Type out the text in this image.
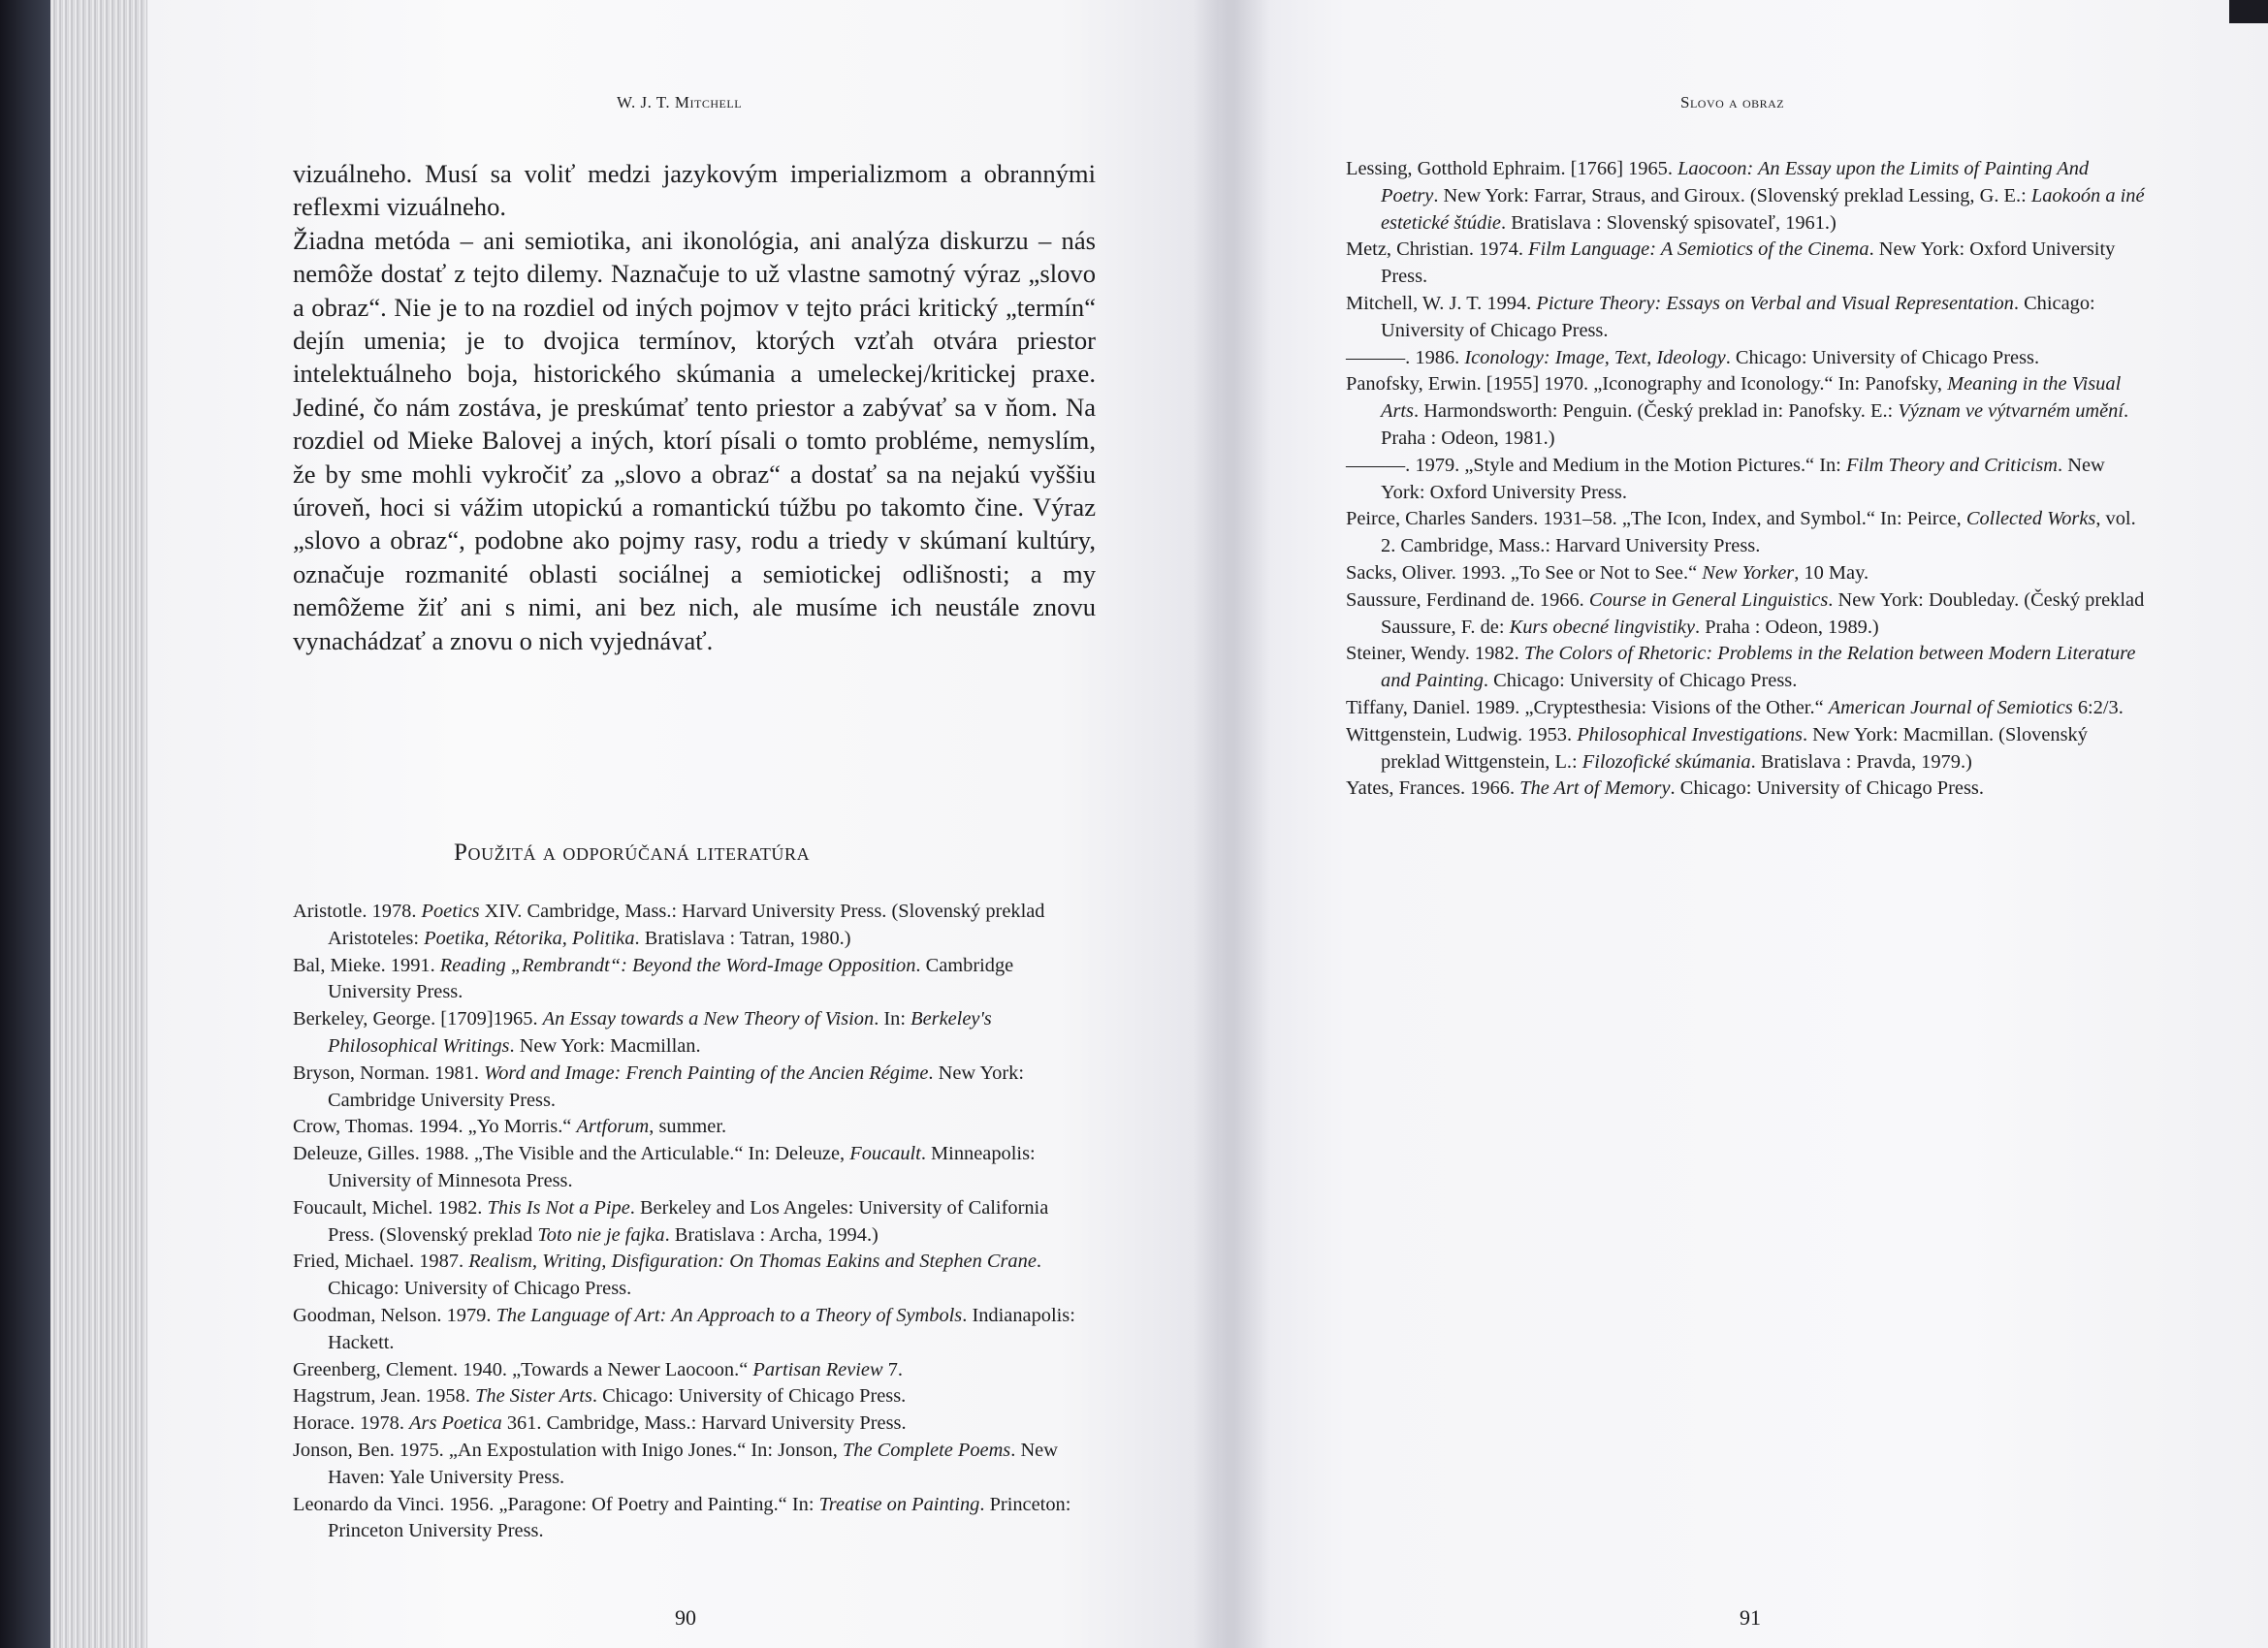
W. J. T. Mitchell	Slovo a obraz

vizuálneho. Musí sa voliť medzi jazykovým imperializmom a obrannými reflexmi vizuálneho.

Žiadna metóda – ani semiotika, ani ikonológia, ani analýza diskurzu – nás nemôže dostať z tejto dilemy. Naznačuje to už vlastne samotný výraz „slovo a obraz“. Nie je to na rozdiel od iných pojmov v tejto práci kritický „termín“ dejín umenia; je to dvojica termínov, ktorých vzťah otvára priestor intelektuálneho boja, historického skúmania a umeleckej/kritickej praxe. Jediné, čo nám zostáva, je preskúmať tento priestor a zabývať sa v ňom. Na rozdiel od Mieke Balovej a iných, ktorí písali o tomto probléme, nemyslím, že by sme mohli vykročiť za „slovo a obraz“ a dostať sa na nejakú vyššiu úroveň, hoci si vážim utopickú a romantickú túžbu po takomto čine. Výraz „slovo a obraz“, podobne ako pojmy rasy, rodu a triedy v skúmaní kultúry, označuje rozmanité oblasti sociálnej a semiotickej odlišnosti; a my nemôžeme žiť ani s nimi, ani bez nich, ale musíme ich neustále znovu vynachádzať a znovu o nich vyjednávať.

Použitá a odporúčaná literatúra

Aristotle. 1978. Poetics XIV. Cambridge, Mass.: Harvard University Press. (Slovenský preklad Aristoteles: Poetika, Rétorika, Politika. Bratislava : Tatran, 1980.)

Bal, Mieke. 1991. Reading „Rembrandt“: Beyond the Word-Image Opposition. Cambridge University Press.

Berkeley, George. [1709]1965. An Essay towards a New Theory of Vision. In: Berkeley's Philosophical Writings. New York: Macmillan.

Bryson, Norman. 1981. Word and Image: French Painting of the Ancien Régime. New York: Cambridge University Press.

Crow, Thomas. 1994. „Yo Morris.“ Artforum, summer.

Deleuze, Gilles. 1988. „The Visible and the Articulable.“ In: Deleuze, Foucault. Minneapolis: University of Minnesota Press.

Foucault, Michel. 1982. This Is Not a Pipe. Berkeley and Los Angeles: University of California Press. (Slovenský preklad Toto nie je fajka. Bratislava : Archa, 1994.)

Fried, Michael. 1987. Realism, Writing, Disfiguration: On Thomas Eakins and Stephen Crane. Chicago: University of Chicago Press.

Goodman, Nelson. 1979. The Language of Art: An Approach to a Theory of Symbols. Indianapolis: Hackett.

Greenberg, Clement. 1940. „Towards a Newer Laocoon.“ Partisan Review 7.

Hagstrum, Jean. 1958. The Sister Arts. Chicago: University of Chicago Press.

Horace. 1978. Ars Poetica 361. Cambridge, Mass.: Harvard University Press.

Jonson, Ben. 1975. „An Expostulation with Inigo Jones.“ In: Jonson, The Complete Poems. New Haven: Yale University Press.

Leonardo da Vinci. 1956. „Paragone: Of Poetry and Painting.“ In: Treatise on Painting. Princeton: Princeton University Press.

Lessing, Gotthold Ephraim. [1766] 1965. Laocoon: An Essay upon the Limits of Painting And Poetry. New York: Farrar, Straus, and Giroux. (Slovenský preklad Lessing, G. E.: Laokoón a iné estetické štúdie. Bratislava : Slovenský spisovateľ, 1961.)

Metz, Christian. 1974. Film Language: A Semiotics of the Cinema. New York: Oxford University Press.

Mitchell, W. J. T. 1994. Picture Theory: Essays on Verbal and Visual Representation. Chicago: University of Chicago Press.

———. 1986. Iconology: Image, Text, Ideology. Chicago: University of Chicago Press.

Panofsky, Erwin. [1955] 1970. „Iconography and Iconology.“ In: Panofsky, Meaning in the Visual Arts. Harmondsworth: Penguin. (Český preklad in: Panofsky. E.: Význam ve výtvarném umění. Praha : Odeon, 1981.)

———. 1979. „Style and Medium in the Motion Pictures.“ In: Film Theory and Criticism. New York: Oxford University Press.

Peirce, Charles Sanders. 1931–58. „The Icon, Index, and Symbol.“ In: Peirce, Collected Works, vol. 2. Cambridge, Mass.: Harvard University Press.

Sacks, Oliver. 1993. „To See or Not to See.“ New Yorker, 10 May.

Saussure, Ferdinand de. 1966. Course in General Linguistics. New York: Doubleday. (Český preklad Saussure, F. de: Kurs obecné lingvistiky. Praha : Odeon, 1989.)

Steiner, Wendy. 1982. The Colors of Rhetoric: Problems in the Relation between Modern Literature and Painting. Chicago: University of Chicago Press.

Tiffany, Daniel. 1989. „Cryptesthesia: Visions of the Other.“ American Journal of Semiotics 6:2/3.

Wittgenstein, Ludwig. 1953. Philosophical Investigations. New York: Macmillan. (Slovenský preklad Wittgenstein, L.: Filozofické skúmania. Bratislava : Pravda, 1979.)

Yates, Frances. 1966. The Art of Memory. Chicago: University of Chicago Press.

90	91
